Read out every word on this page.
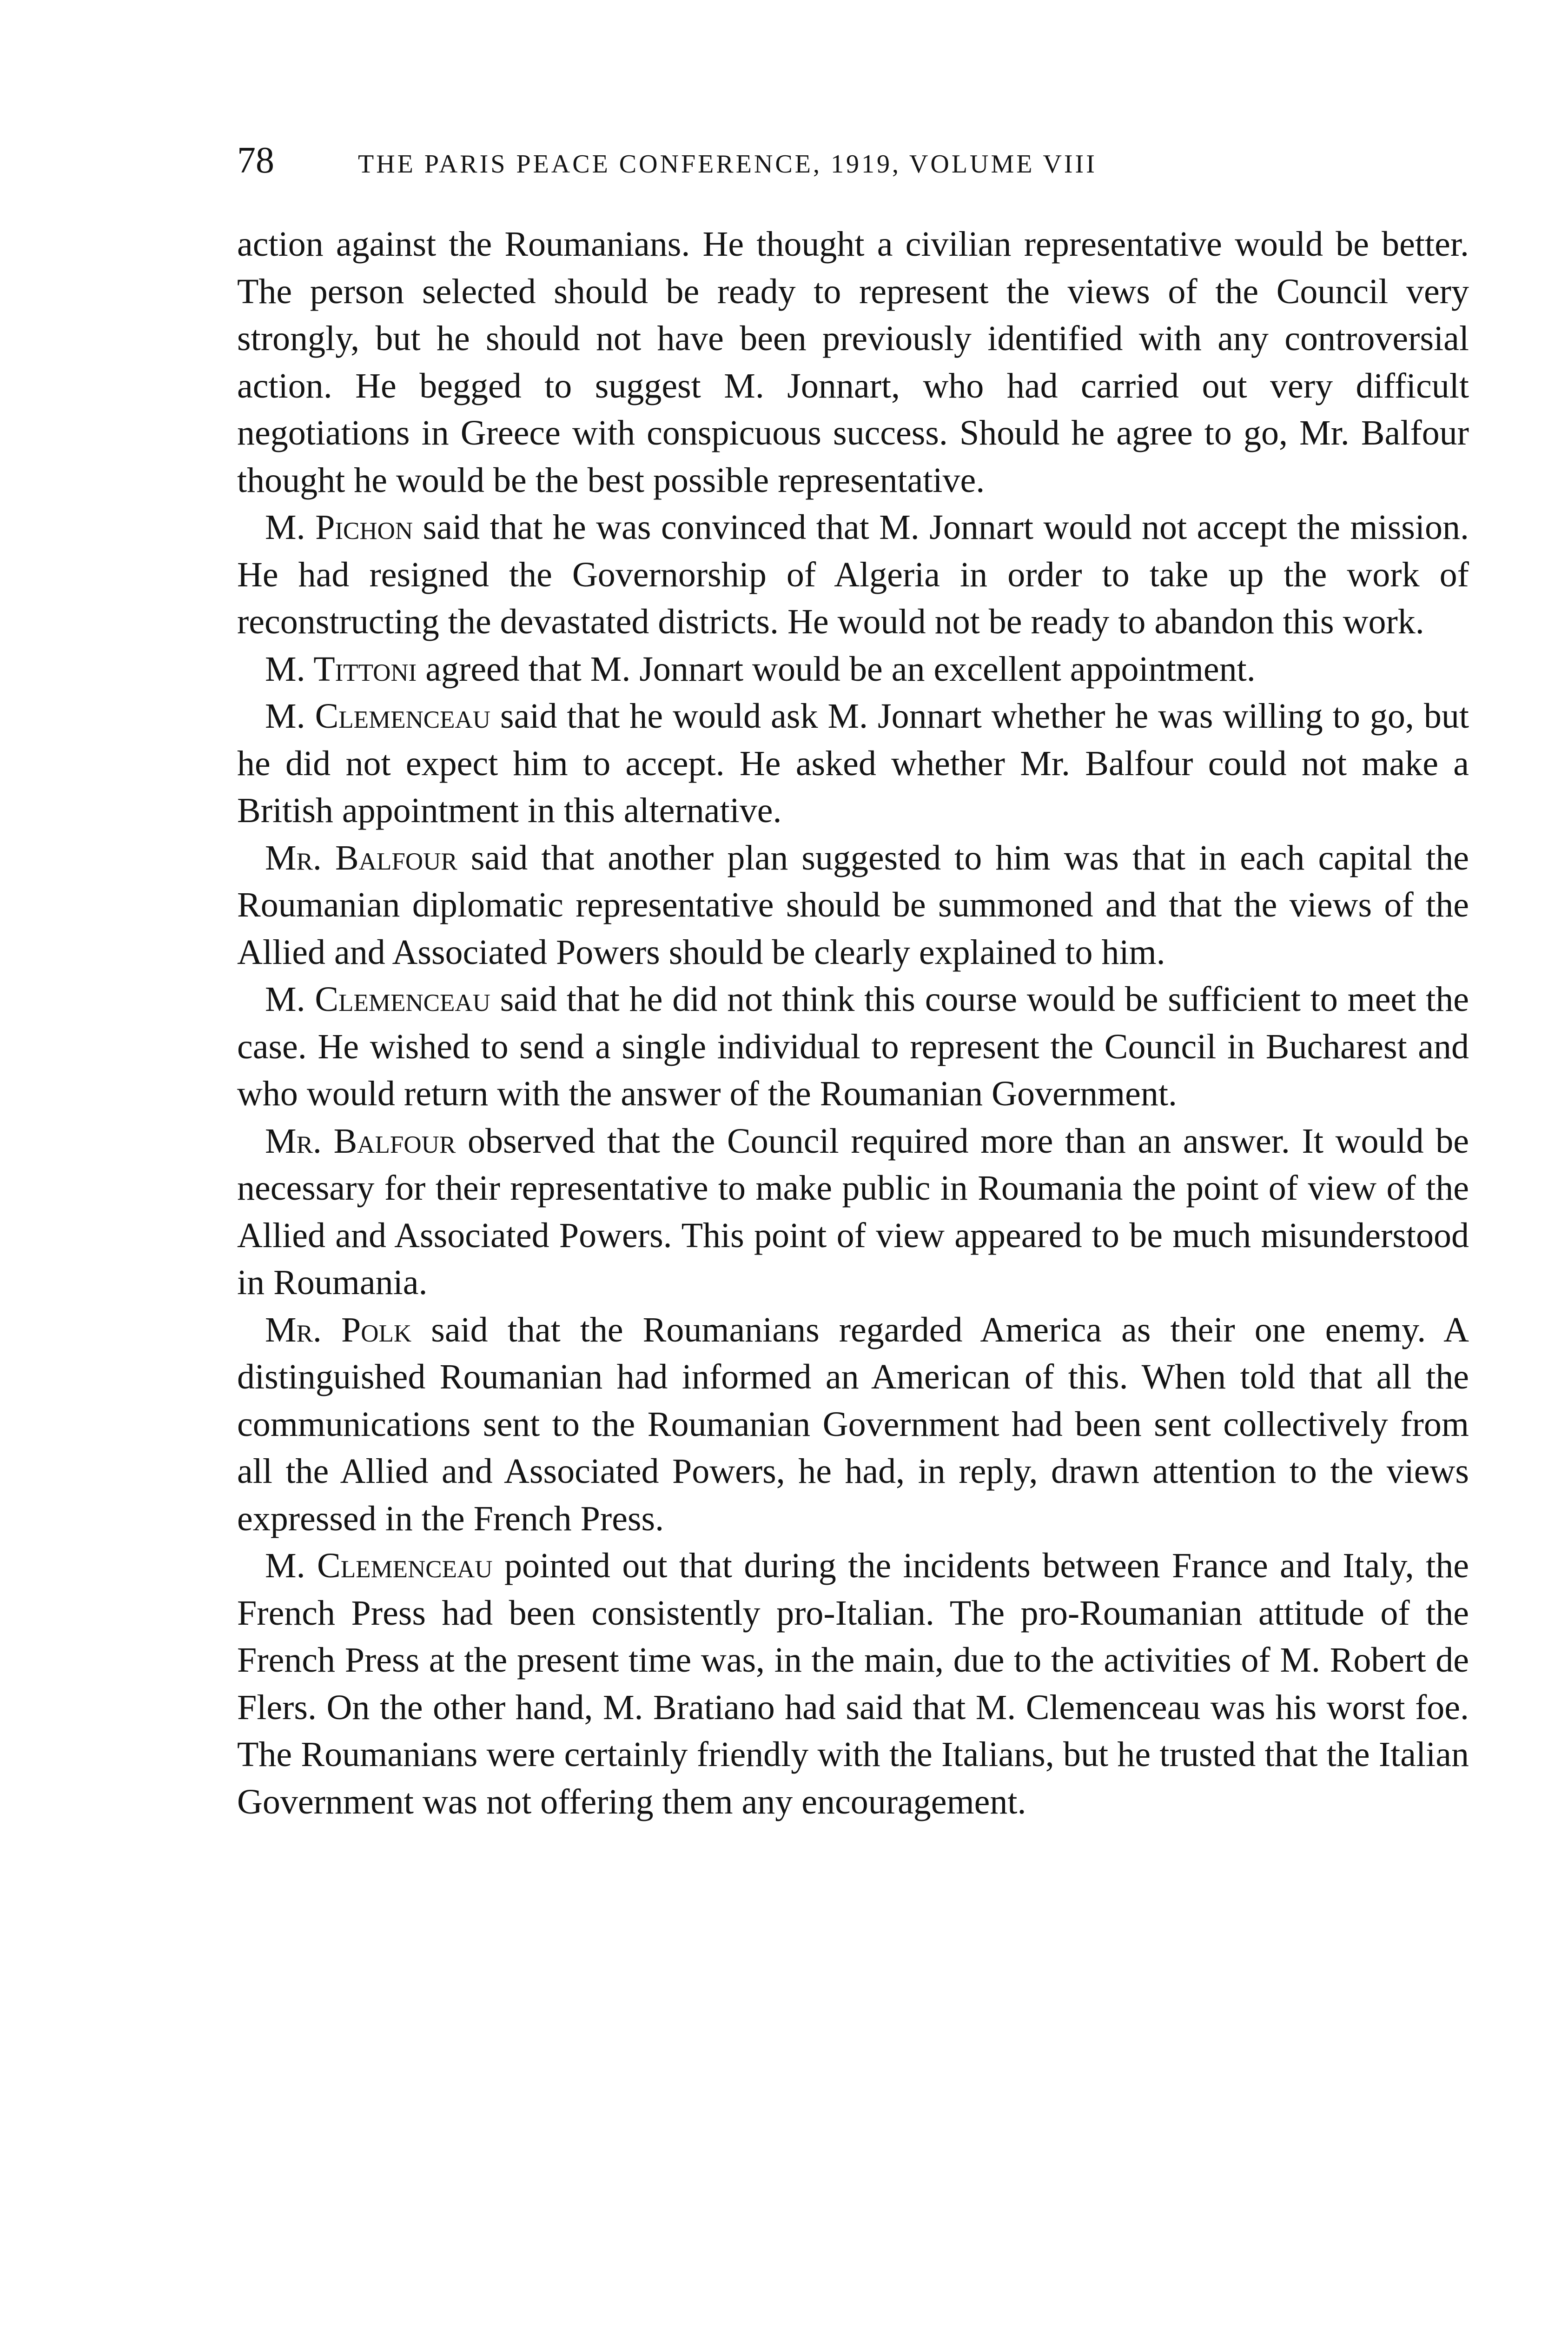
78	THE PARIS PEACE CONFERENCE, 1919, VOLUME VIII

action against the Roumanians. He thought a civilian representative would be better. The person selected should be ready to represent the views of the Council very strongly, but he should not have been previously identified with any controversial action. He begged to suggest M. Jonnart, who had carried out very difficult negotiations in Greece with conspicuous success. Should he agree to go, Mr. Balfour thought he would be the best possible representative.

M. Pichon said that he was convinced that M. Jonnart would not accept the mission. He had resigned the Governorship of Algeria in order to take up the work of reconstructing the devastated districts. He would not be ready to abandon this work.

M. Tittoni agreed that M. Jonnart would be an excellent appointment.

M. Clemenceau said that he would ask M. Jonnart whether he was willing to go, but he did not expect him to accept. He asked whether Mr. Balfour could not make a British appointment in this alternative.

Mr. Balfour said that another plan suggested to him was that in each capital the Roumanian diplomatic representative should be summoned and that the views of the Allied and Associated Powers should be clearly explained to him.

M. Clemenceau said that he did not think this course would be sufficient to meet the case. He wished to send a single individual to represent the Council in Bucharest and who would return with the answer of the Roumanian Government.

Mr. Balfour observed that the Council required more than an answer. It would be necessary for their representative to make public in Roumania the point of view of the Allied and Associated Powers. This point of view appeared to be much misunderstood in Roumania.

Mr. Polk said that the Roumanians regarded America as their one enemy. A distinguished Roumanian had informed an American of this. When told that all the communications sent to the Roumanian Government had been sent collectively from all the Allied and Associated Powers, he had, in reply, drawn attention to the views expressed in the French Press.

M. Clemenceau pointed out that during the incidents between France and Italy, the French Press had been consistently pro-Italian. The pro-Roumanian attitude of the French Press at the present time was, in the main, due to the activities of M. Robert de Flers. On the other hand, M. Bratiano had said that M. Clemenceau was his worst foe. The Roumanians were certainly friendly with the Italians, but he trusted that the Italian Government was not offering them any encouragement.
